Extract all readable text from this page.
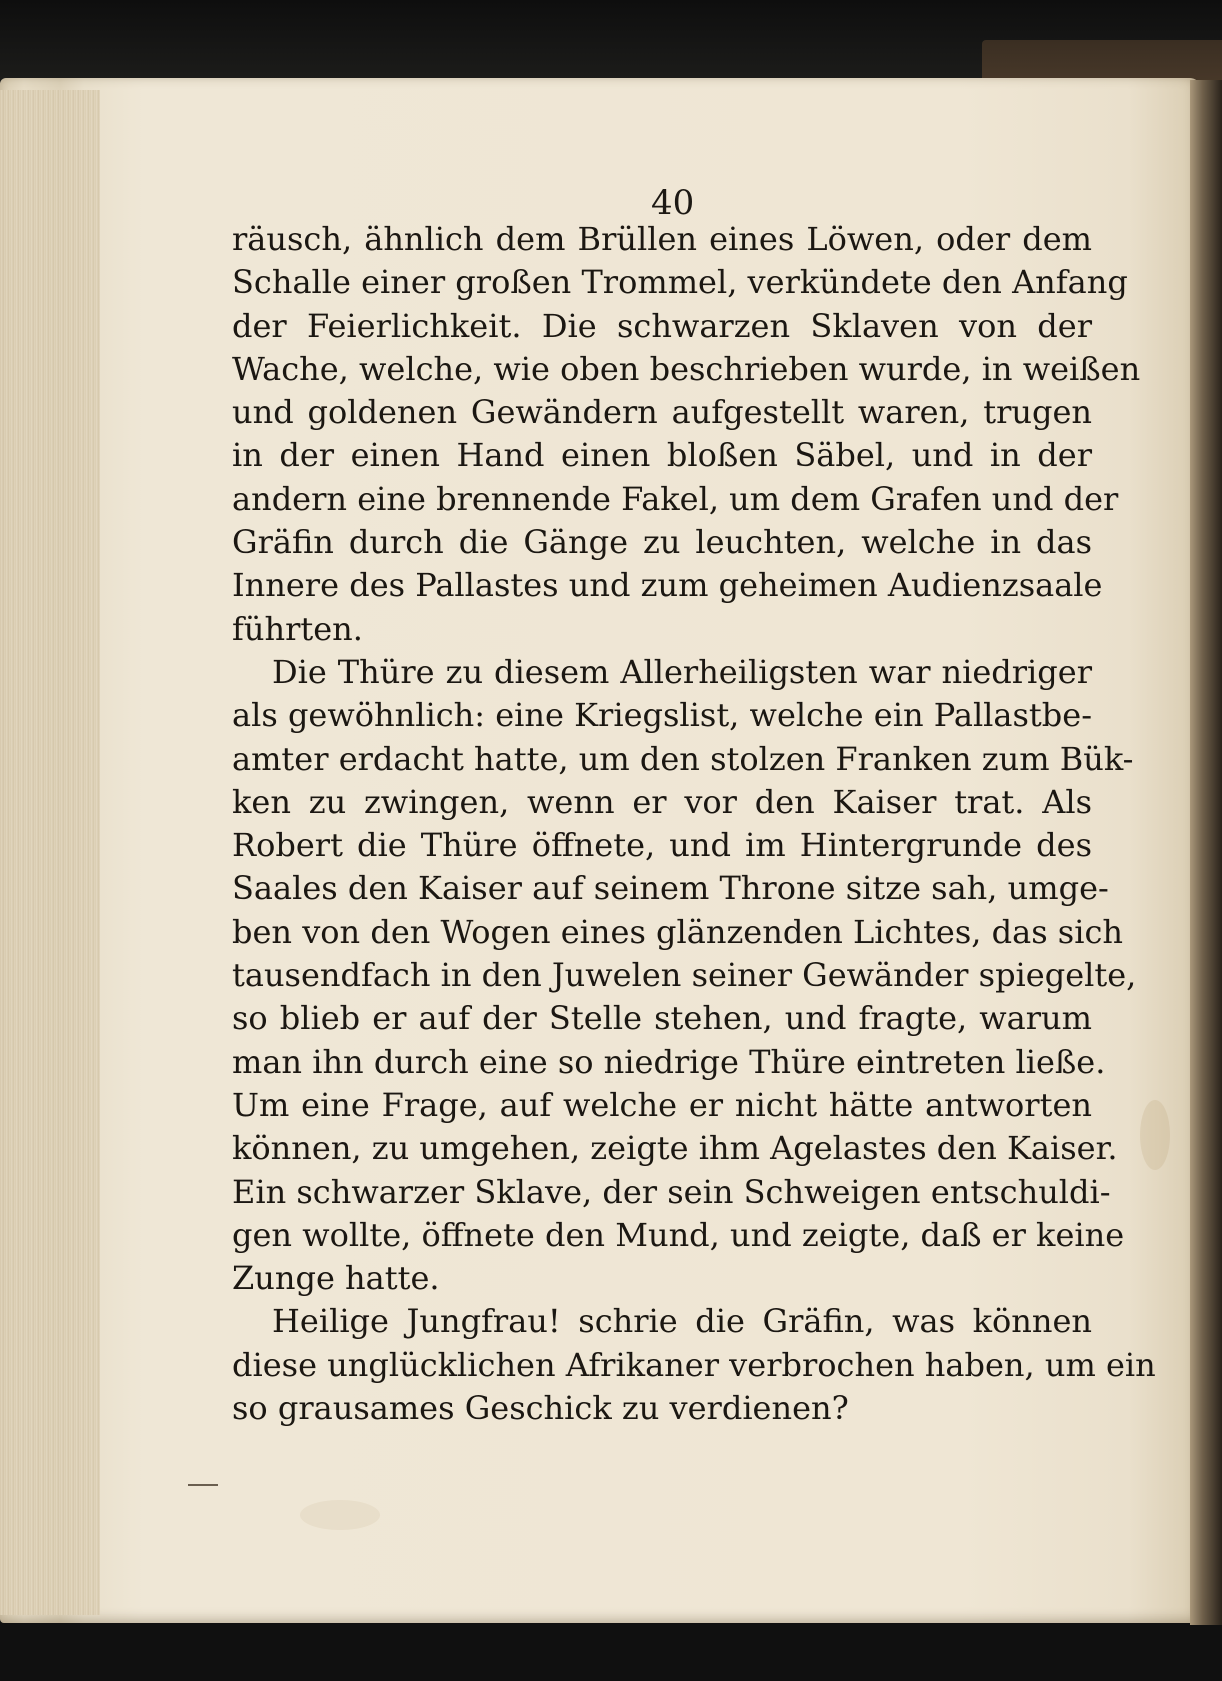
40
räusch, ähnlich dem Brüllen eines Löwen, oder dem
Schalle einer großen Trommel, verkündete den Anfang
der Feierlichkeit. Die schwarzen Sklaven von der
Wache, welche, wie oben beschrieben wurde, in weißen
und goldenen Gewändern aufgestellt waren, trugen
in der einen Hand einen bloßen Säbel, und in der
andern eine brennende Fakel, um dem Grafen und der
Gräfin durch die Gänge zu leuchten, welche in das
Innere des Pallastes und zum geheimen Audienzsaale
führten.
Die Thüre zu diesem Allerheiligsten war niedriger
als gewöhnlich: eine Kriegslist, welche ein Pallastbe-
amter erdacht hatte, um den stolzen Franken zum Bük-
ken zu zwingen, wenn er vor den Kaiser trat. Als
Robert die Thüre öffnete, und im Hintergrunde des
Saales den Kaiser auf seinem Throne sitze sah, umge-
ben von den Wogen eines glänzenden Lichtes, das sich
tausendfach in den Juwelen seiner Gewänder spiegelte,
so blieb er auf der Stelle stehen, und fragte, warum
man ihn durch eine so niedrige Thüre eintreten ließe.
Um eine Frage, auf welche er nicht hätte antworten
können, zu umgehen, zeigte ihm Agelastes den Kaiser.
Ein schwarzer Sklave, der sein Schweigen entschuldi-
gen wollte, öffnete den Mund, und zeigte, daß er keine
Zunge hatte.
Heilige Jungfrau! schrie die Gräfin, was können
diese unglücklichen Afrikaner verbrochen haben, um ein
so grausames Geschick zu verdienen?
